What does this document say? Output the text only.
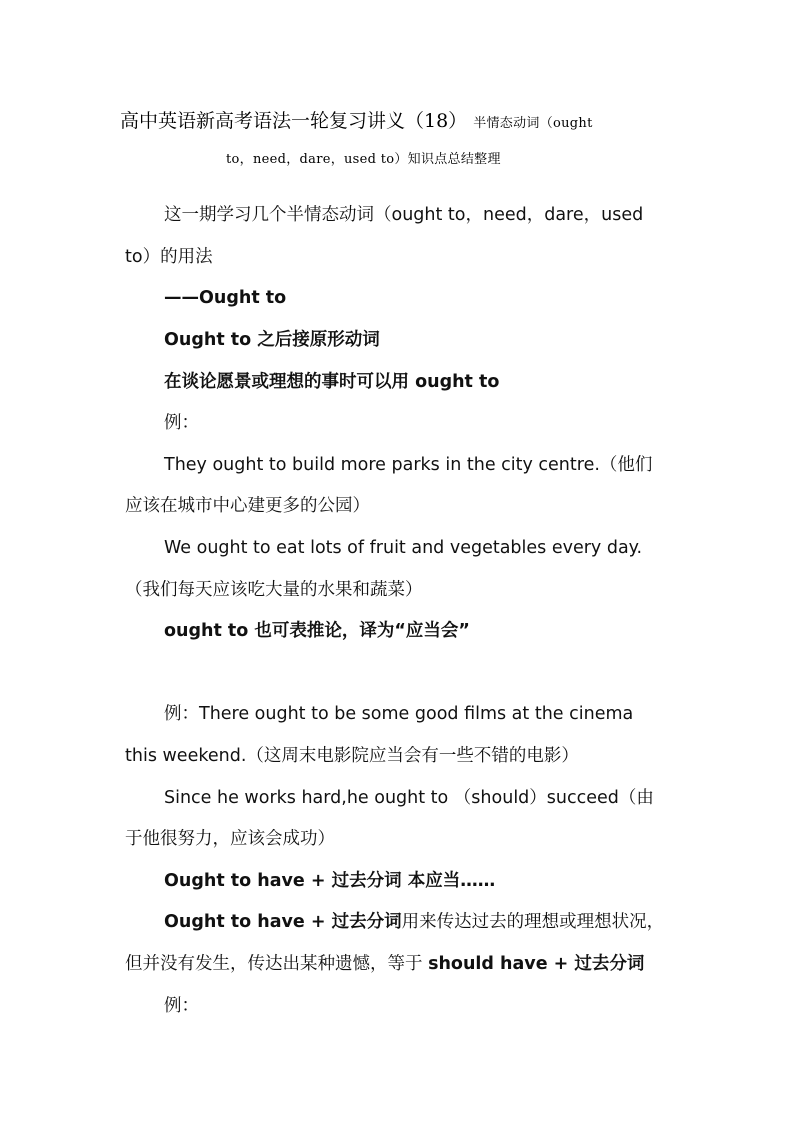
高中英语新高考语法一轮复习讲义（18） 半情态动词（ought
to，need，dare，used to）知识点总结整理
这一期学习几个半情态动词（ought to，need，dare，used
to）的用法
——Ought to
Ought to 之后接原形动词
在谈论愿景或理想的事时可以用 ought to
例：
They ought to build more parks in the city centre.（他们
应该在城市中心建更多的公园）
We ought to eat lots of fruit and vegetables every day.
（我们每天应该吃大量的水果和蔬菜）
ought to 也可表推论，译为“应当会”
例：There ought to be some good films at the cinema
this weekend.（这周末电影院应当会有一些不错的电影）
Since he works hard,he ought to （should）succeed（由
于他很努力，应该会成功）
Ought to have + 过去分词 本应当……
Ought to have + 过去分词用来传达过去的理想或理想状况，
但并没有发生，传达出某种遗憾，等于 should have + 过去分词
例：
